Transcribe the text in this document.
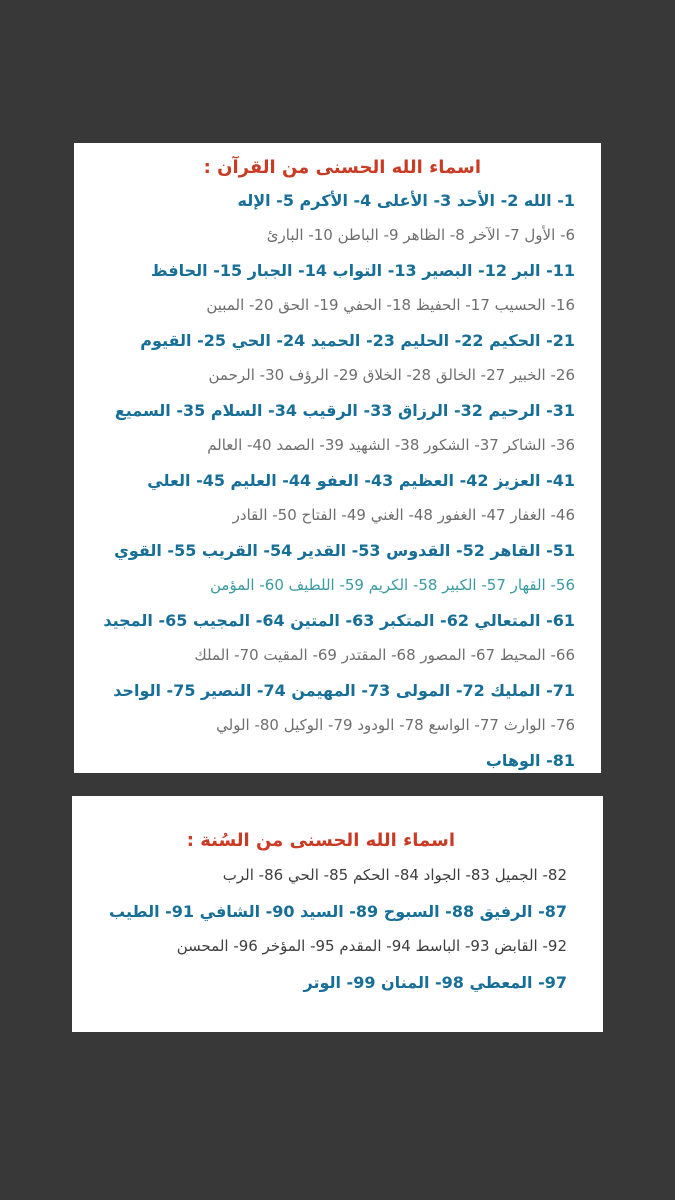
اسماء الله الحسنى من القرآن :
1- الله 2- الأحد 3- الأعلى 4- الأكرم 5- الإله
6- الأول 7- الآخر 8- الظاهر 9- الباطن 10- البارئ
11- البر 12- البصير 13- التواب 14- الجبار 15- الحافظ
16- الحسيب 17- الحفيظ 18- الحفي 19- الحق 20- المبين
21- الحكيم 22- الحليم 23- الحميد 24- الحي 25- القيوم
26- الخبير 27- الخالق 28- الخلاق 29- الرؤف 30- الرحمن
31- الرحيم 32- الرزاق 33- الرقيب 34- السلام 35- السميع
36- الشاكر 37- الشكور 38- الشهيد 39- الصمد 40- العالم
41- العزيز 42- العظيم 43- العفو 44- العليم 45- العلي
46- الغفار 47- الغفور 48- الغني 49- الفتاح 50- القادر
51- القاهر 52- القدوس 53- القدير 54- القريب 55- القوي
56- القهار 57- الكبير 58- الكريم 59- اللطيف 60- المؤمن
61- المتعالي 62- المتكبر 63- المتين 64- المجيب 65- المجيد
66- المحيط 67- المصور 68- المقتدر 69- المقيت 70- الملك
71- المليك 72- المولى 73- المهيمن 74- النصير 75- الواحد
76- الوارث 77- الواسع 78- الودود 79- الوكيل 80- الولي
81- الوهاب
اسماء الله الحسنى من السُنة :
82- الجميل 83- الجواد 84- الحكم 85- الحي 86- الرب
87- الرفيق 88- السبوح 89- السيد 90- الشافي 91- الطيب
92- القابض 93- الباسط 94- المقدم 95- المؤخر 96- المحسن
97- المعطي 98- المنان 99- الوتر
